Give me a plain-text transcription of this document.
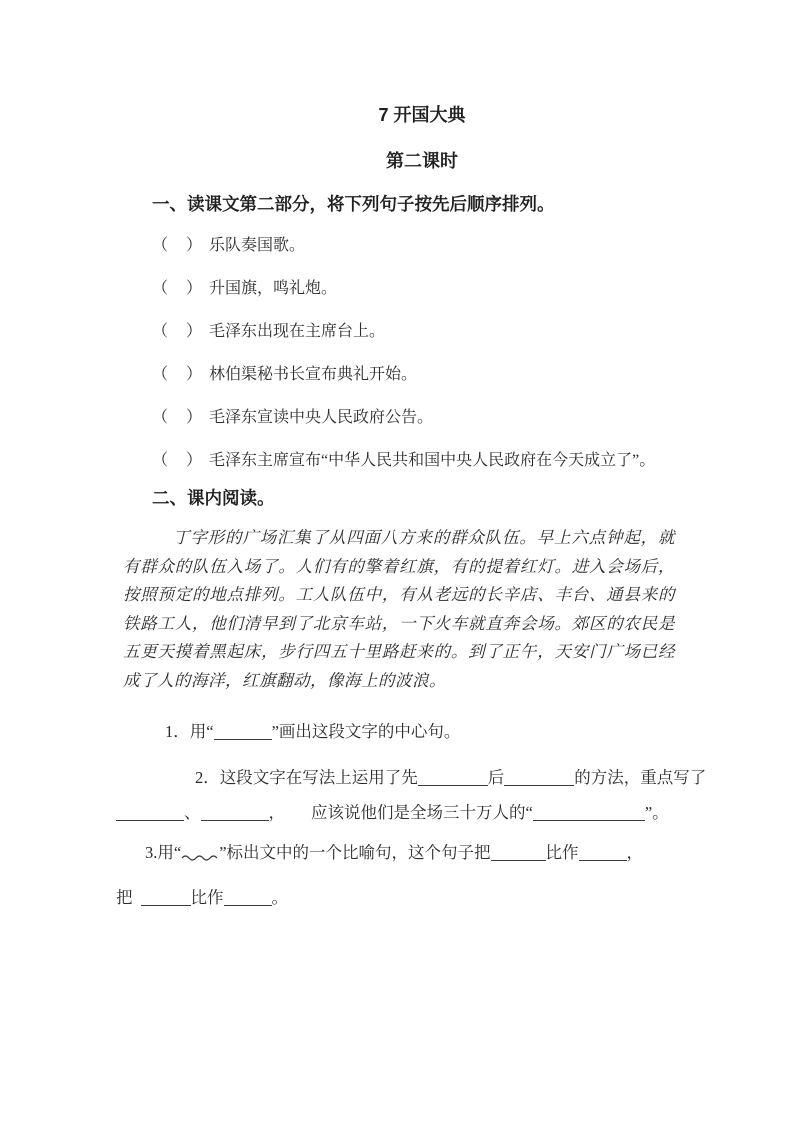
7 开国大典
第二课时
一、读课文第二部分，将下列句子按先后顺序排列。
（ ） 乐队奏国歌。
（ ） 升国旗，鸣礼炮。
（ ） 毛泽东出现在主席台上。
（ ） 林伯渠秘书长宣布典礼开始。
（ ） 毛泽东宣读中央人民政府公告。
（ ） 毛泽东主席宣布“中华人民共和国中央人民政府在今天成立了”。
二、课内阅读。
丁字形的广场汇集了从四面八方来的群众队伍。早上六点钟起，就有群众的队伍入场了。人们有的擎着红旗，有的提着红灯。进入会场后，按照预定的地点排列。工人队伍中，有从老远的长辛店、丰台、通县来的铁路工人，他们清早到了北京车站，一下火车就直奔会场。郊区的农民是五更天摸着黑起床，步行四五十里路赶来的。到了正午，天安门广场已经成了人的海洋，红旗翻动，像海上的波浪。
1．用“	”画出这段文字的中心句。
2．这段文字在写法上运用了先	后	的方法，重点写了
、	， 应该说他们是全场三十万人的“	”。
3.用“ ”标出文中的一个比喻句，这个句子把	比作	，
把	比作	。
